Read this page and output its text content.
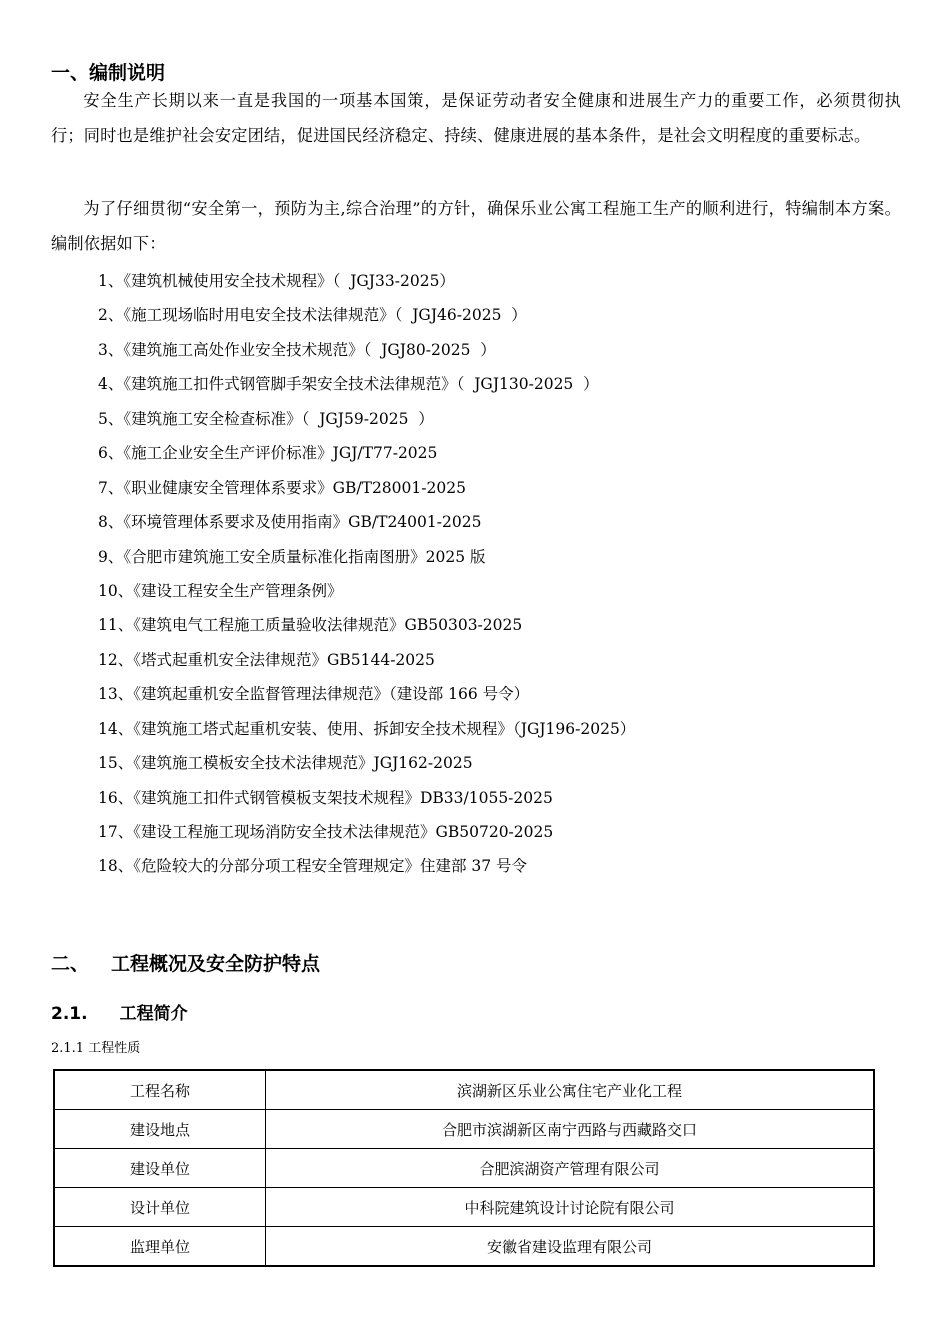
一、编制说明
安全生产长期以来一直是我国的一项基本国策，是保证劳动者安全健康和进展生产力的重要工作，必须贯彻执行；同时也是维护社会安定团结，促进国民经济稳定、持续、健康进展的基本条件，是社会文明程度的重要标志。
为了仔细贯彻“安全第一，预防为主,综合治理”的方针，确保乐业公寓工程施工生产的顺利进行，特编制本方案。编制依据如下：
1、《建筑机械使用安全技术规程》（  JGJ33-2025）
2、《施工现场临时用电安全技术法律规范》（  JGJ46-2025  ）
3、《建筑施工高处作业安全技术规范》（  JGJ80-2025  ）
4、《建筑施工扣件式钢管脚手架安全技术法律规范》（  JGJ130-2025  ）
5、《建筑施工安全检查标准》（  JGJ59-2025  ）
6、《施工企业安全生产评价标准》JGJ/T77-2025
7、《职业健康安全管理体系要求》GB/T28001-2025
8、《环境管理体系要求及使用指南》GB/T24001-2025
9、《合肥市建筑施工安全质量标准化指南图册》2025 版
10、《建设工程安全生产管理条例》
11、《建筑电气工程施工质量验收法律规范》GB50303-2025
12、《塔式起重机安全法律规范》GB5144-2025
13、《建筑起重机安全监督管理法律规范》（建设部 166 号令）
14、《建筑施工塔式起重机安装、使用、拆卸安全技术规程》（JGJ196-2025）
15、《建筑施工模板安全技术法律规范》JGJ162-2025
16、《建筑施工扣件式钢管模板支架技术规程》DB33/1055-2025
17、《建设工程施工现场消防安全技术法律规范》GB50720-2025
18、《危险较大的分部分项工程安全管理规定》住建部 37 号令
二、 工程概况及安全防护特点
2.1. 工程简介
2.1.1 工程性质
工程名称	滨湖新区乐业公寓住宅产业化工程
建设地点	合肥市滨湖新区南宁西路与西藏路交口
建设单位	合肥滨湖资产管理有限公司
设计单位	中科院建筑设计讨论院有限公司
监理单位	安徽省建设监理有限公司
